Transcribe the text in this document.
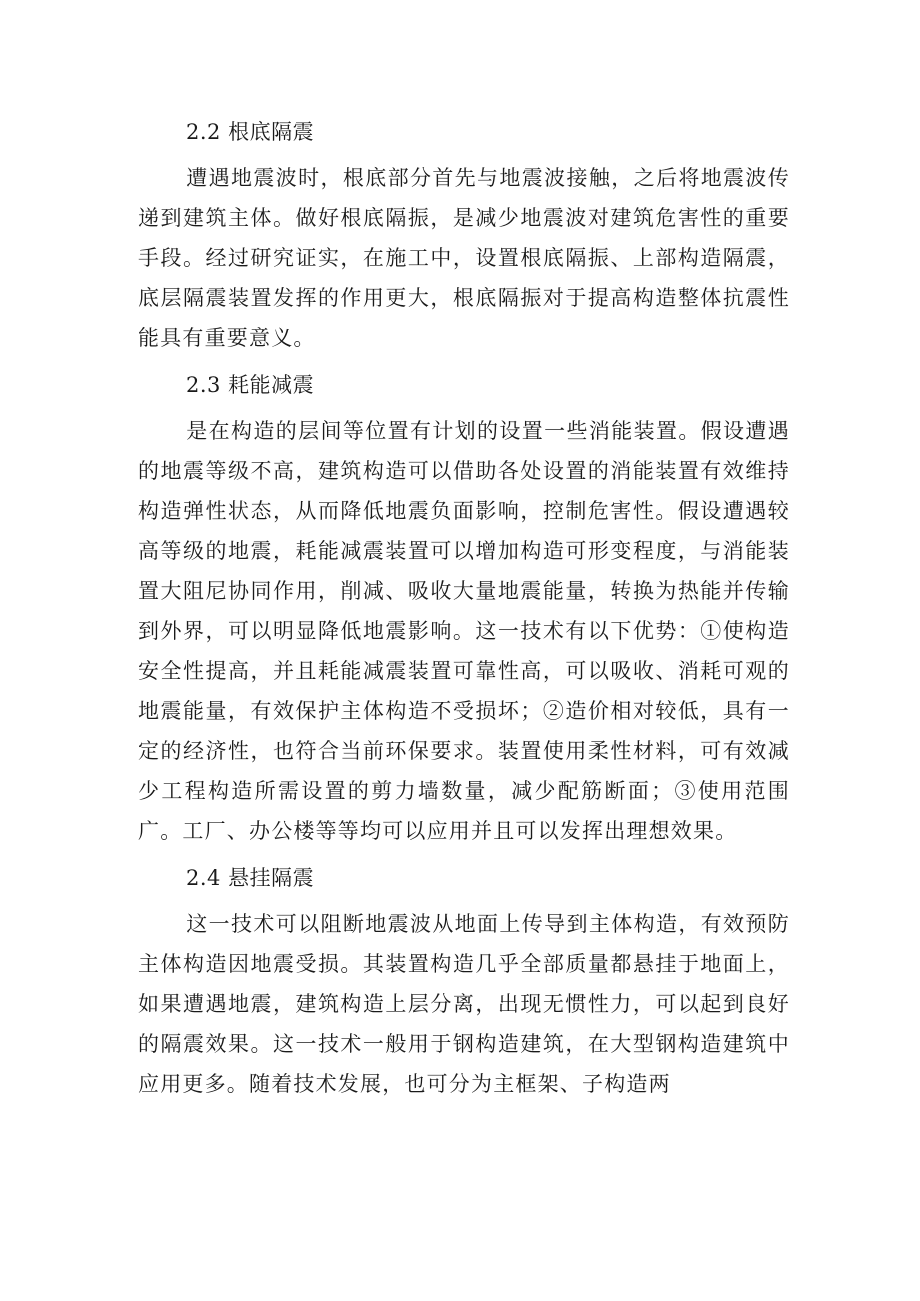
2.2 根底隔震

遭遇地震波时，根底部分首先与地震波接触，之后将地震波传递到建筑主体。做好根底隔振，是减少地震波对建筑危害性的重要手段。经过研究证实，在施工中，设置根底隔振、上部构造隔震，底层隔震装置发挥的作用更大，根底隔振对于提高构造整体抗震性能具有重要意义。

2.3 耗能减震

是在构造的层间等位置有计划的设置一些消能装置。假设遭遇的地震等级不高，建筑构造可以借助各处设置的消能装置有效维持构造弹性状态，从而降低地震负面影响，控制危害性。假设遭遇较高等级的地震，耗能减震装置可以增加构造可形变程度，与消能装置大阻尼协同作用，削减、吸收大量地震能量，转换为热能并传输到外界，可以明显降低地震影响。这一技术有以下优势：①使构造安全性提高，并且耗能减震装置可靠性高，可以吸收、消耗可观的地震能量，有效保护主体构造不受损坏；②造价相对较低，具有一定的经济性，也符合当前环保要求。装置使用柔性材料，可有效减少工程构造所需设置的剪力墙数量，减少配筋断面；③使用范围广。工厂、办公楼等等均可以应用并且可以发挥出理想效果。

2.4 悬挂隔震

这一技术可以阻断地震波从地面上传导到主体构造，有效预防主体构造因地震受损。其装置构造几乎全部质量都悬挂于地面上，如果遭遇地震，建筑构造上层分离，出现无惯性力，可以起到良好的隔震效果。这一技术一般用于钢构造建筑，在大型钢构造建筑中应用更多。随着技术发展，也可分为主框架、子构造两
